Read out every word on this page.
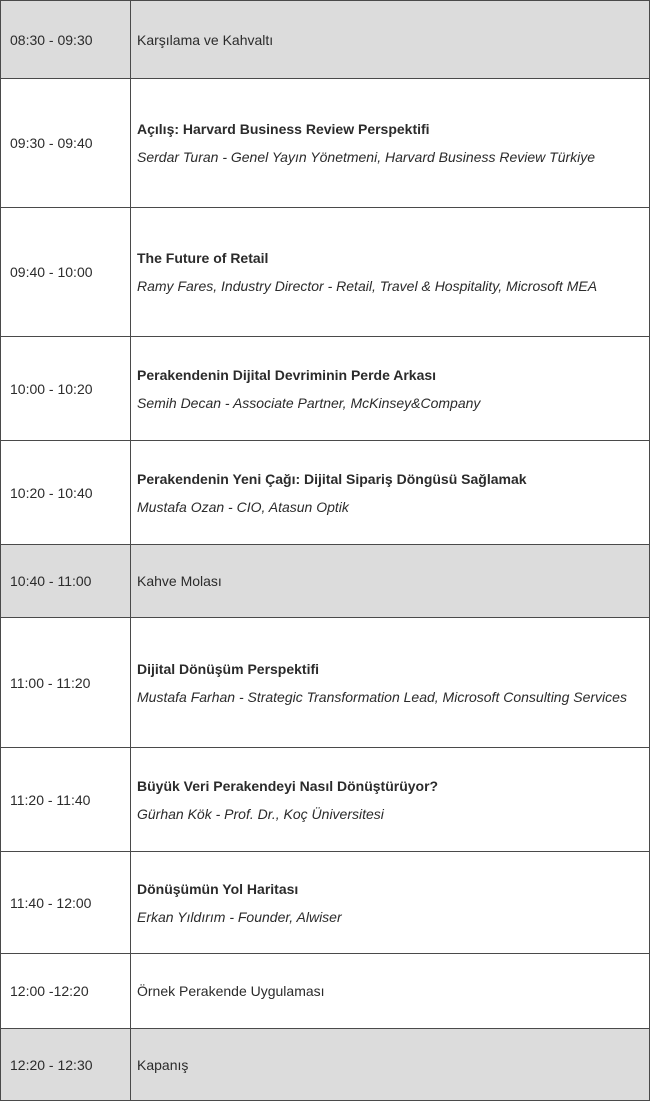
08:30 - 09:30	Karşılama ve Kahvaltı

09:30 - 09:40	Açılış: Harvard Business Review Perspektifi
Serdar Turan - Genel Yayın Yönetmeni, Harvard Business Review Türkiye

09:40 - 10:00	The Future of Retail
Ramy Fares, Industry Director - Retail, Travel & Hospitality, Microsoft MEA

10:00 - 10:20	Perakendenin Dijital Devriminin Perde Arkası
Semih Decan - Associate Partner, McKinsey&Company

10:20 - 10:40	Perakendenin Yeni Çağı: Dijital Sipariş Döngüsü Sağlamak
Mustafa Ozan - CIO, Atasun Optik

10:40 - 11:00	Kahve Molası

11:00 - 11:20	Dijital Dönüşüm Perspektifi
Mustafa Farhan - Strategic Transformation Lead, Microsoft Consulting Services

11:20 - 11:40	Büyük Veri Perakendeyi Nasıl Dönüştürüyor?
Gürhan Kök - Prof. Dr., Koç Üniversitesi

11:40 - 12:00	Dönüşümün Yol Haritası
Erkan Yıldırım - Founder, Alwiser

12:00 -12:20	Örnek Perakende Uygulaması

12:20 - 12:30	Kapanış
